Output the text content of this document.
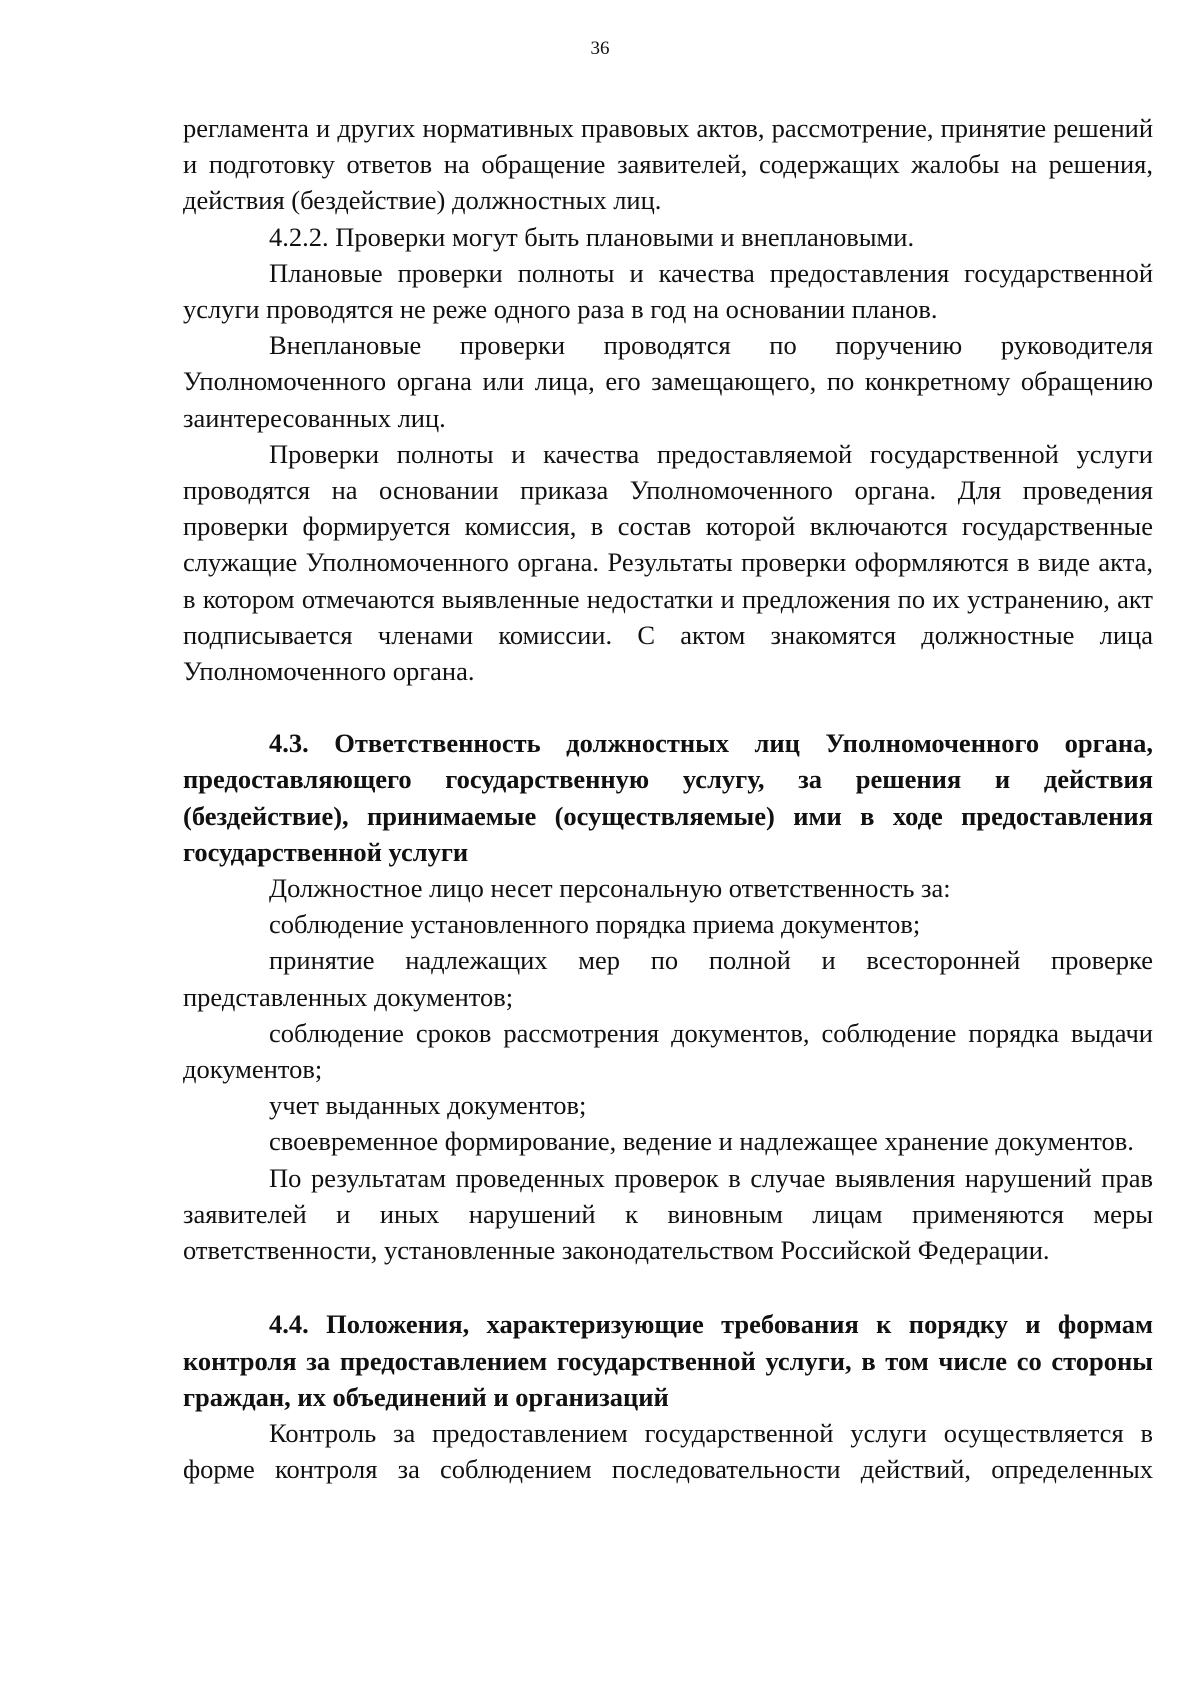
36

регламента и других нормативных правовых актов, рассмотрение, принятие решений и подготовку ответов на обращение заявителей, содержащих жалобы на решения, действия (бездействие) должностных лиц.

4.2.2. Проверки могут быть плановыми и внеплановыми.

Плановые проверки полноты и качества предоставления государственной услуги проводятся не реже одного раза в год на основании планов.

Внеплановые проверки проводятся по поручению руководителя Уполномоченного органа или лица, его замещающего, по конкретному обращению заинтересованных лиц.

Проверки полноты и качества предоставляемой государственной услуги проводятся на основании приказа Уполномоченного органа. Для проведения проверки формируется комиссия, в состав которой включаются государственные служащие Уполномоченного органа. Результаты проверки оформляются в виде акта, в котором отмечаются выявленные недостатки и предложения по их устранению, акт подписывается членами комиссии. С актом знакомятся должностные лица Уполномоченного органа.

4.3. Ответственность должностных лиц Уполномоченного органа, предоставляющего государственную услугу, за решения и действия (бездействие), принимаемые (осуществляемые) ими в ходе предоставления государственной услуги

Должностное лицо несет персональную ответственность за:

соблюдение установленного порядка приема документов;

принятие надлежащих мер по полной и всесторонней проверке представленных документов;

соблюдение сроков рассмотрения документов, соблюдение порядка выдачи документов;

учет выданных документов;

своевременное формирование, ведение и надлежащее хранение документов.

По результатам проведенных проверок в случае выявления нарушений прав заявителей и иных нарушений к виновным лицам применяются меры ответственности, установленные законодательством Российской Федерации.

4.4. Положения, характеризующие требования к порядку и формам контроля за предоставлением государственной услуги, в том числе со стороны граждан, их объединений и организаций

Контроль за предоставлением государственной услуги осуществляется в форме контроля за соблюдением последовательности действий, определенных
